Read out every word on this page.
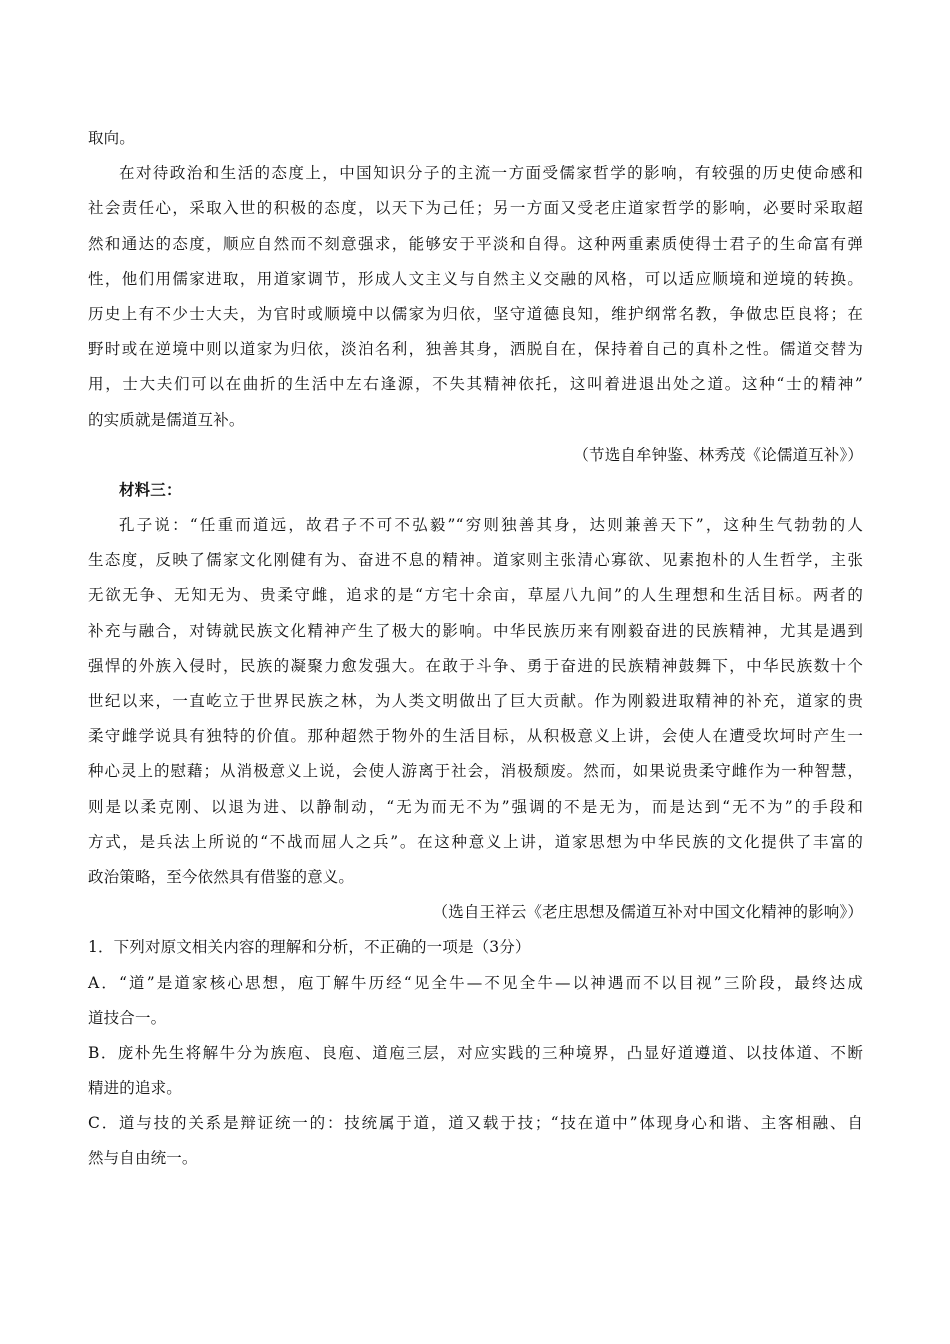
取向。
在对待政治和生活的态度上，中国知识分子的主流一方面受儒家哲学的影响，有较强的历史使命感和
社会责任心，采取入世的积极的态度，以天下为己任；另一方面又受老庄道家哲学的影响，必要时采取超
然和通达的态度，顺应自然而不刻意强求，能够安于平淡和自得。这种两重素质使得士君子的生命富有弹
性，他们用儒家进取，用道家调节，形成人文主义与自然主义交融的风格，可以适应顺境和逆境的转换。
历史上有不少士大夫，为官时或顺境中以儒家为归依，坚守道德良知，维护纲常名教，争做忠臣良将；在
野时或在逆境中则以道家为归依，淡泊名利，独善其身，洒脱自在，保持着自己的真朴之性。儒道交替为
用，士大夫们可以在曲折的生活中左右逢源，不失其精神依托，这叫着进退出处之道。这种“士的精神”
的实质就是儒道互补。
（节选自牟钟鉴、林秀茂《论儒道互补》）
材料三：
孔子说：“任重而道远，故君子不可不弘毅”“穷则独善其身，达则兼善天下”，这种生气勃勃的人
生态度，反映了儒家文化刚健有为、奋进不息的精神。道家则主张清心寡欲、见素抱朴的人生哲学，主张
无欲无争、无知无为、贵柔守雌，追求的是“方宅十余亩，草屋八九间”的人生理想和生活目标。两者的
补充与融合，对铸就民族文化精神产生了极大的影响。中华民族历来有刚毅奋进的民族精神，尤其是遇到
强悍的外族入侵时，民族的凝聚力愈发强大。在敢于斗争、勇于奋进的民族精神鼓舞下，中华民族数十个
世纪以来，一直屹立于世界民族之林，为人类文明做出了巨大贡献。作为刚毅进取精神的补充，道家的贵
柔守雌学说具有独特的价值。那种超然于物外的生活目标，从积极意义上讲，会使人在遭受坎坷时产生一
种心灵上的慰藉；从消极意义上说，会使人游离于社会，消极颓废。然而，如果说贵柔守雌作为一种智慧，
则是以柔克刚、以退为进、以静制动，“无为而无不为”强调的不是无为，而是达到“无不为”的手段和
方式，是兵法上所说的“不战而屈人之兵”。在这种意义上讲，道家思想为中华民族的文化提供了丰富的
政治策略，至今依然具有借鉴的意义。
（选自王祥云《老庄思想及儒道互补对中国文化精神的影响》）
1．下列对原文相关内容的理解和分析，不正确的一项是（3分）
A．“道”是道家核心思想，庖丁解牛历经“见全牛—不见全牛—以神遇而不以目视”三阶段，最终达成
道技合一。
B．庞朴先生将解牛分为族庖、良庖、道庖三层，对应实践的三种境界，凸显好道遵道、以技体道、不断
精进的追求。
C．道与技的关系是辩证统一的：技统属于道，道又载于技；“技在道中”体现身心和谐、主客相融、自
然与自由统一。
